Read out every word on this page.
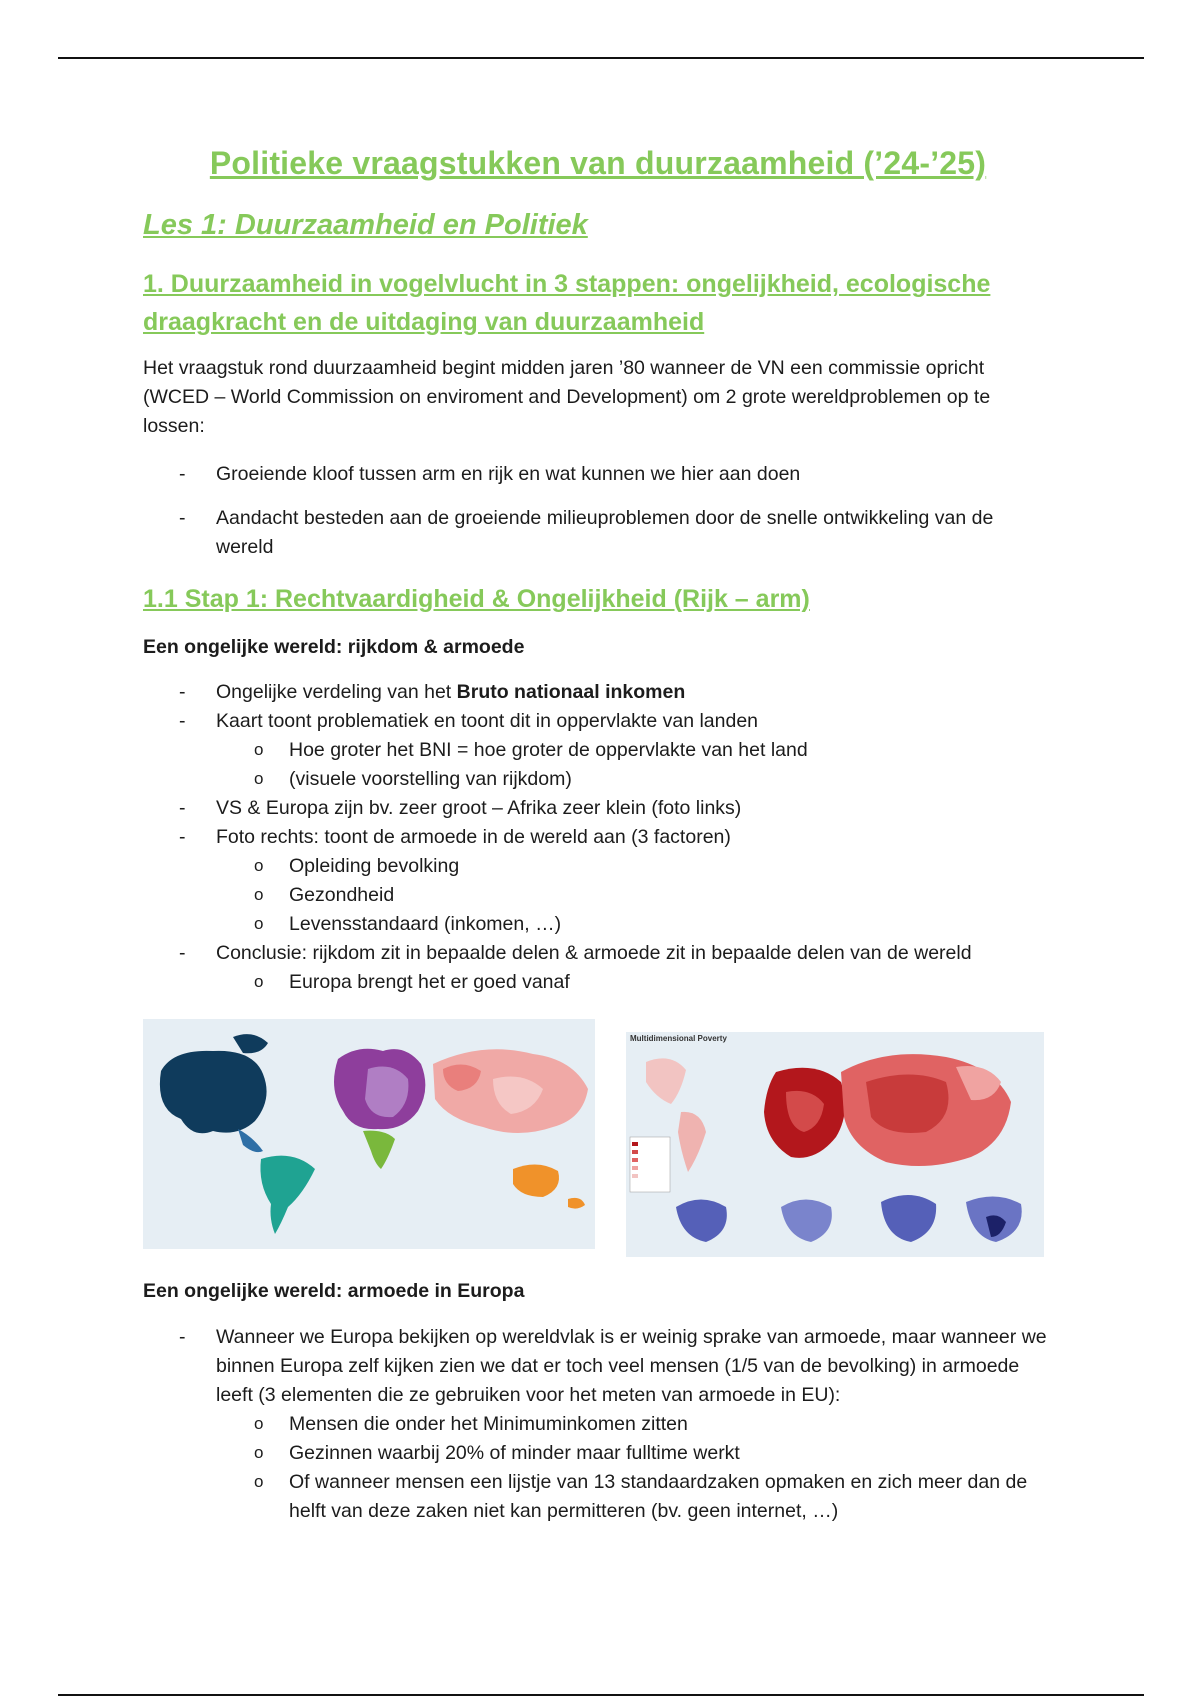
Politieke vraagstukken van duurzaamheid (’24-’25)
Les 1: Duurzaamheid en Politiek
1. Duurzaamheid in vogelvlucht in 3 stappen: ongelijkheid, ecologische
draagkracht en de uitdaging van duurzaamheid

Het vraagstuk rond duurzaamheid begint midden jaren ’80 wanneer de VN een commissie opricht (WCED – World Commission on enviroment and Development) om 2 grote wereldproblemen op te lossen:

- Groeiende kloof tussen arm en rijk en wat kunnen we hier aan doen
- Aandacht besteden aan de groeiende milieuproblemen door de snelle ontwikkeling van de wereld
1.1 Stap 1: Rechtvaardigheid & Ongelijkheid (Rijk – arm)

Een ongelijke wereld: rijkdom & armoede

- Ongelijke verdeling van het Bruto nationaal inkomen
- Kaart toont problematiek en toont dit in oppervlakte van landen
o Hoe groter het BNI = hoe groter de oppervlakte van het land
o (visuele voorstelling van rijkdom)
- VS & Europa zijn bv. zeer groot – Afrika zeer klein (foto links)
- Foto rechts: toont de armoede in de wereld aan (3 factoren)
o Opleiding bevolking
o Gezondheid
o Levensstandaard (inkomen, …)
- Conclusie: rijkdom zit in bepaalde delen & armoede zit in bepaalde delen van de wereld
o Europa brengt het er goed vanaf

Een ongelijke wereld: armoede in Europa

- Wanneer we Europa bekijken op wereldvlak is er weinig sprake van armoede, maar wanneer we binnen Europa zelf kijken zien we dat er toch veel mensen (1/5 van de bevolking) in armoede leeft (3 elementen die ze gebruiken voor het meten van armoede in EU):
o Mensen die onder het Minimuminkomen zitten
o Gezinnen waarbij 20% of minder maar fulltime werkt
o Of wanneer mensen een lijstje van 13 standaardzaken opmaken en zich meer dan de helft van deze zaken niet kan permitteren (bv. geen internet, …)
Multidimensional Poverty
